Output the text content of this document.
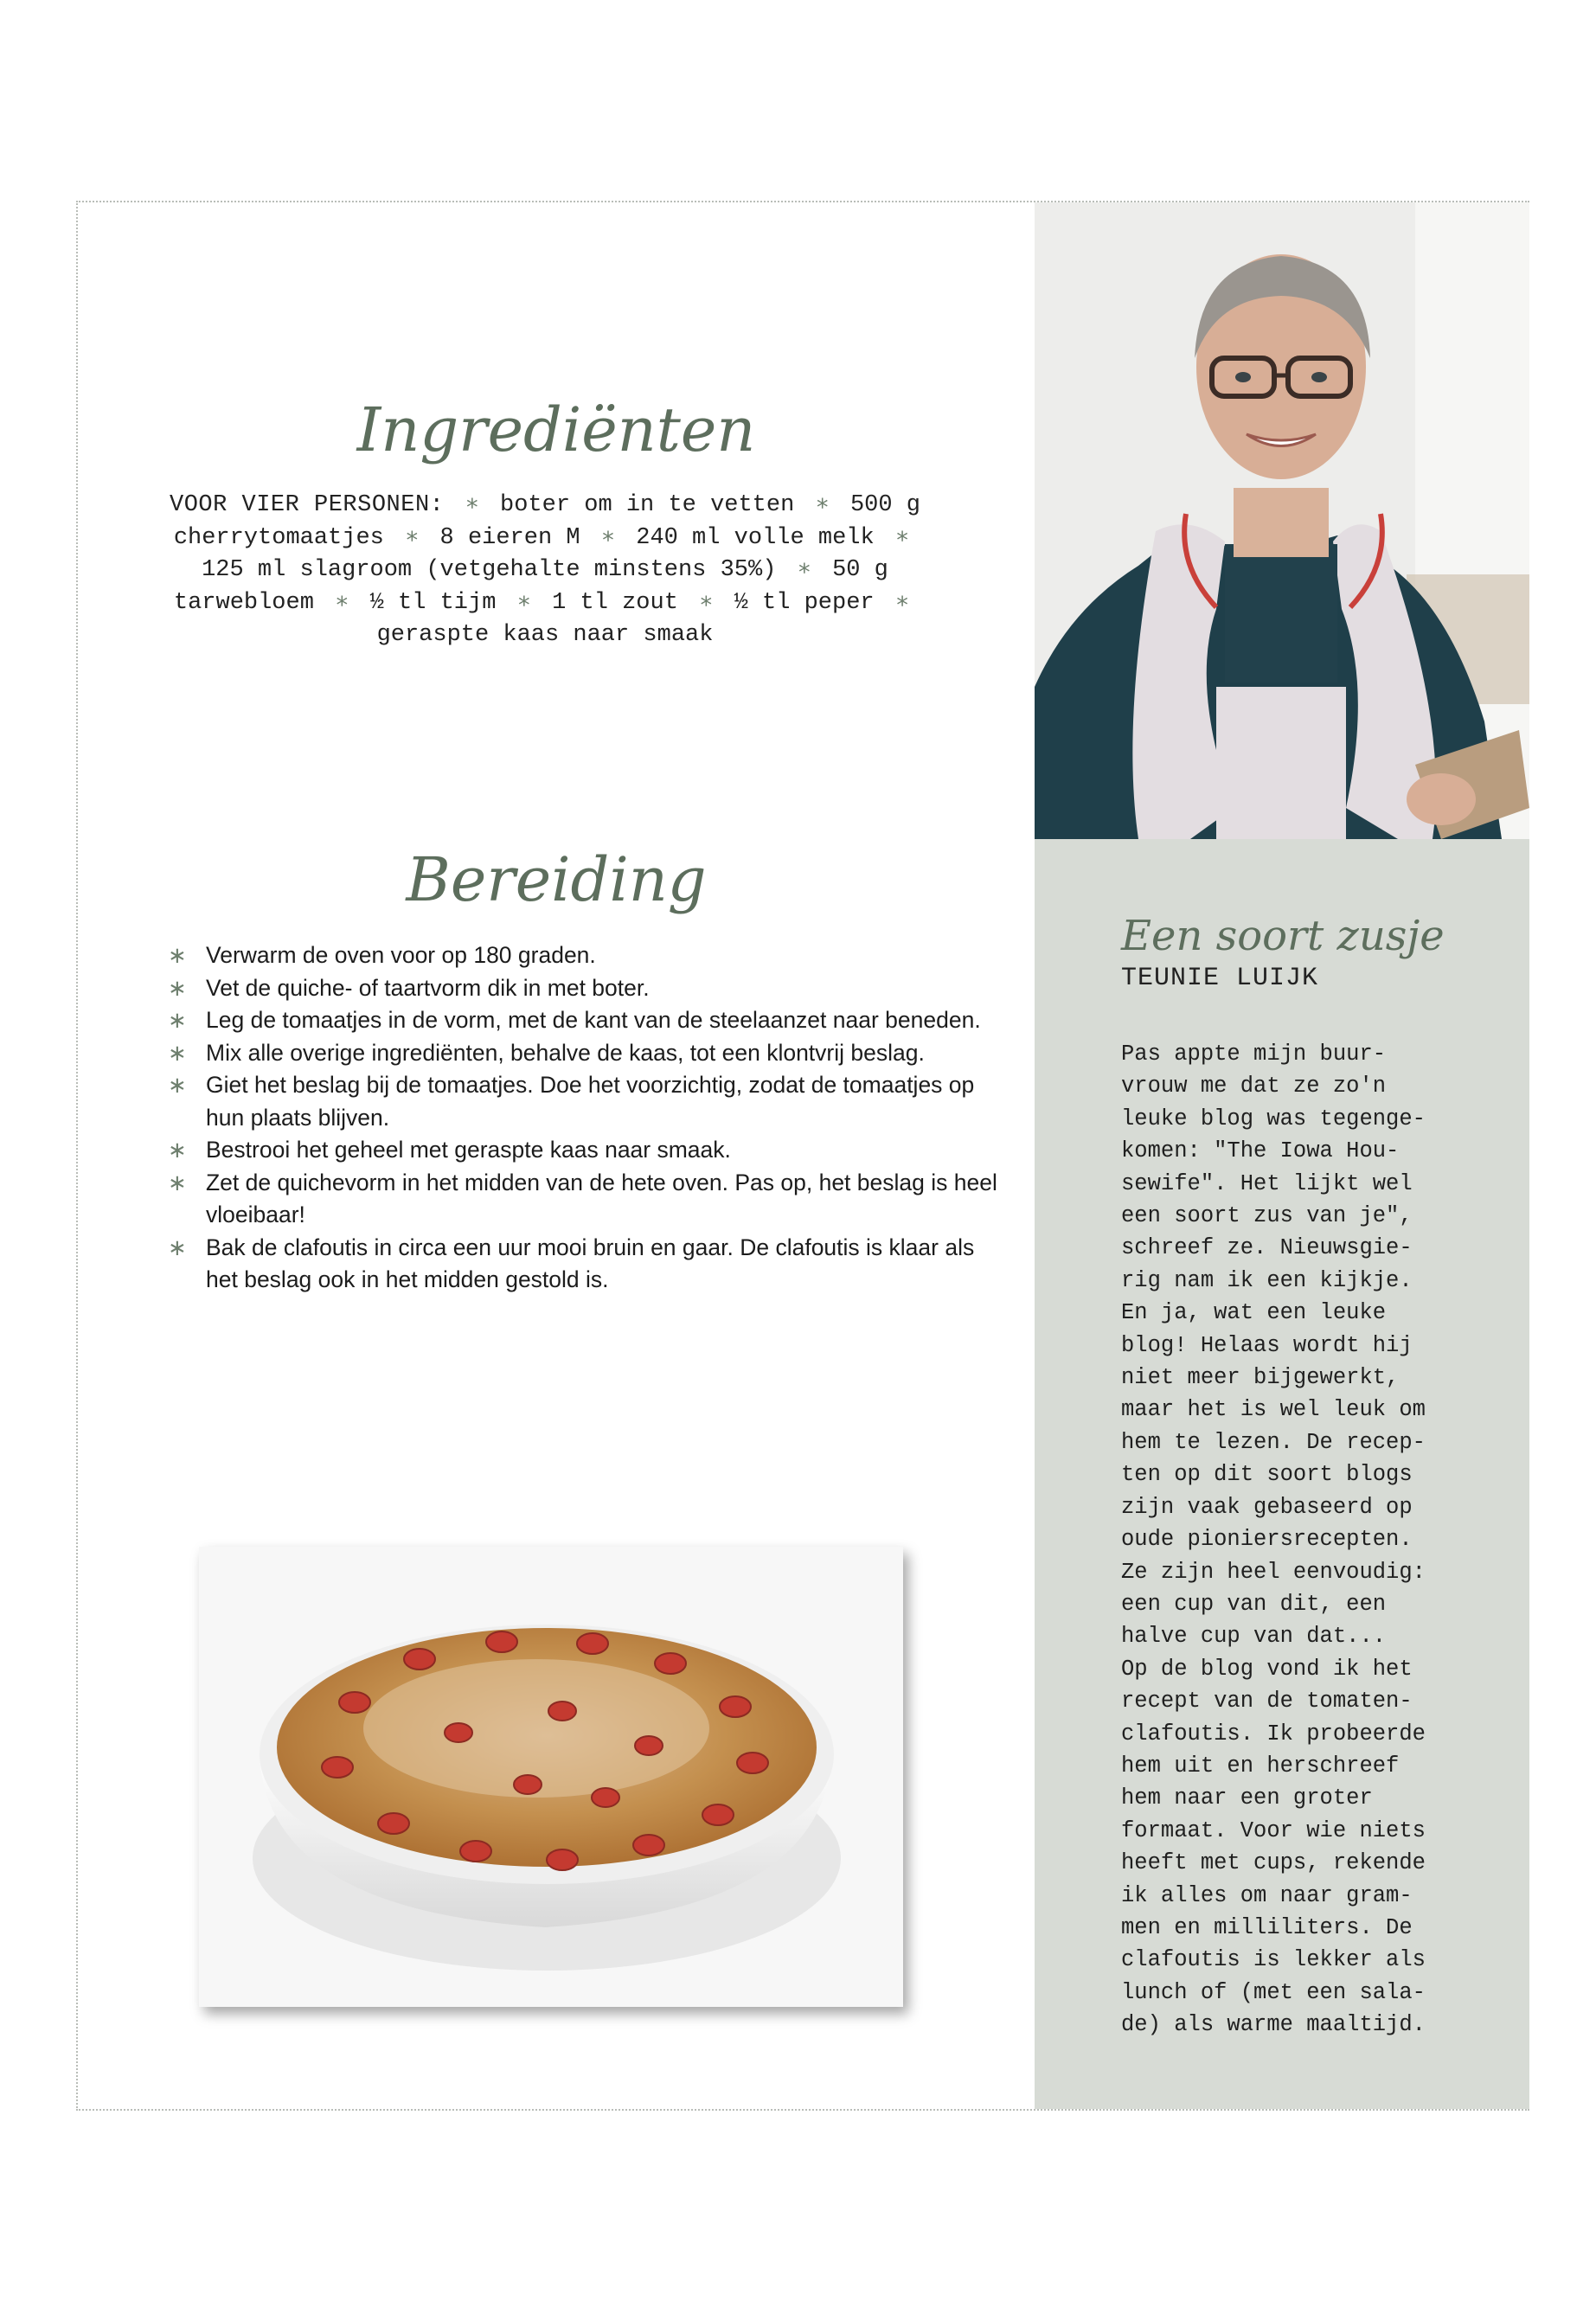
Ingrediënten
VOOR VIER PERSONEN: ∗ boter om in te vetten ∗ 500 g cherrytomaatjes ∗ 8 eieren M ∗ 240 ml volle melk ∗ 125 ml slagroom (vetgehalte minstens 35%) ∗ 50 g tarwebloem ∗ ½ tl tijm ∗ 1 tl zout ∗ ½ tl peper ∗ geraspte kaas naar smaak
Bereiding
∗ Verwarm de oven voor op 180 graden.
∗ Vet de quiche- of taartvorm dik in met boter.
∗ Leg de tomaatjes in de vorm, met de kant van de steelaanzet naar beneden.
∗ Mix alle overige ingrediënten, behalve de kaas, tot een klontvrij beslag.
∗ Giet het beslag bij de tomaatjes. Doe het voorzichtig, zodat de tomaatjes op hun plaats blijven.
∗ Bestrooi het geheel met geraspte kaas naar smaak.
∗ Zet de quichevorm in het midden van de hete oven. Pas op, het beslag is heel vloeibaar!
∗ Bak de clafoutis in circa een uur mooi bruin en gaar. De clafoutis is klaar als het beslag ook in het midden gestold is.
Een soort zusje
TEUNIE LUIJK
Pas appte mijn buur-
vrouw me dat ze zo'n
leuke blog was tegenge-
komen: "The Iowa Hou-
sewife". Het lijkt wel
een soort zus van je",
schreef ze. Nieuwsgie-
rig nam ik een kijkje.
En ja, wat een leuke
blog! Helaas wordt hij
niet meer bijgewerkt,
maar het is wel leuk om
hem te lezen. De recep-
ten op dit soort blogs
zijn vaak gebaseerd op
oude pioniersrecepten.
Ze zijn heel eenvoudig:
een cup van dit, een
halve cup van dat...
Op de blog vond ik het
recept van de tomaten-
clafoutis. Ik probeerde
hem uit en herschreef
hem naar een groter
formaat. Voor wie niets
heeft met cups, rekende
ik alles om naar gram-
men en milliliters. De
clafoutis is lekker als
lunch of (met een sala-
de) als warme maaltijd.
